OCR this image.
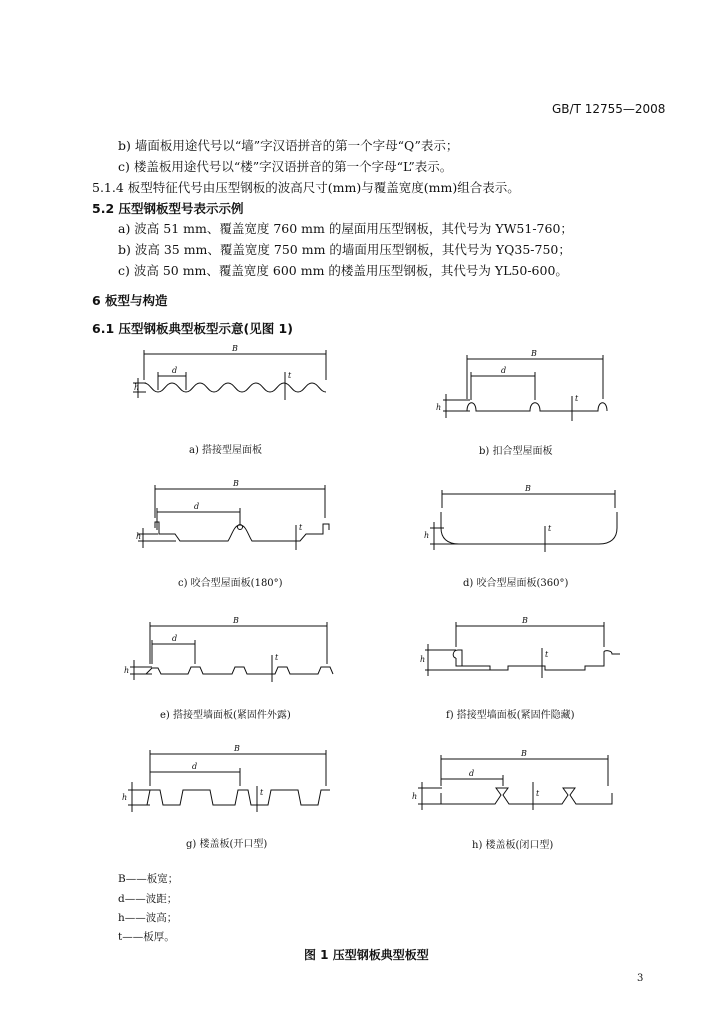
GB/T 12755—2008
b) 墙面板用途代号以“墙”字汉语拼音的第一个字母“Q”表示；
c) 楼盖板用途代号以“楼”字汉语拼音的第一个字母“L”表示。
5.1.4 板型特征代号由压型钢板的波高尺寸(mm)与覆盖宽度(mm)组合表示。
5.2 压型钢板型号表示示例
a) 波高 51 mm、覆盖宽度 760 mm 的屋面用压型钢板，其代号为 YW51-760；
b) 波高 35 mm、覆盖宽度 750 mm 的墙面用压型钢板，其代号为 YQ35-750；
c) 波高 50 mm、覆盖宽度 600 mm 的楼盖用压型钢板，其代号为 YL50-600。
6 板型与构造
6.1 压型钢板典型板型示意(见图 1)
B
d
h
t
B
d
h
t
B
d
h
t
B
h
t
B
d
h
t
B
h
t
B
d
h
t
B
d
h	t
a) 搭接型屋面板	b) 扣合型屋面板
c) 咬合型屋面板(180°)	d) 咬合型屋面板(360°)
e) 搭接型墙面板(紧固件外露)	f) 搭接型墙面板(紧固件隐藏)
g) 楼盖板(开口型)	h) 楼盖板(闭口型)
B——板宽；
d——波距；
h——波高；
t——板厚。
图 1 压型钢板典型板型
3
